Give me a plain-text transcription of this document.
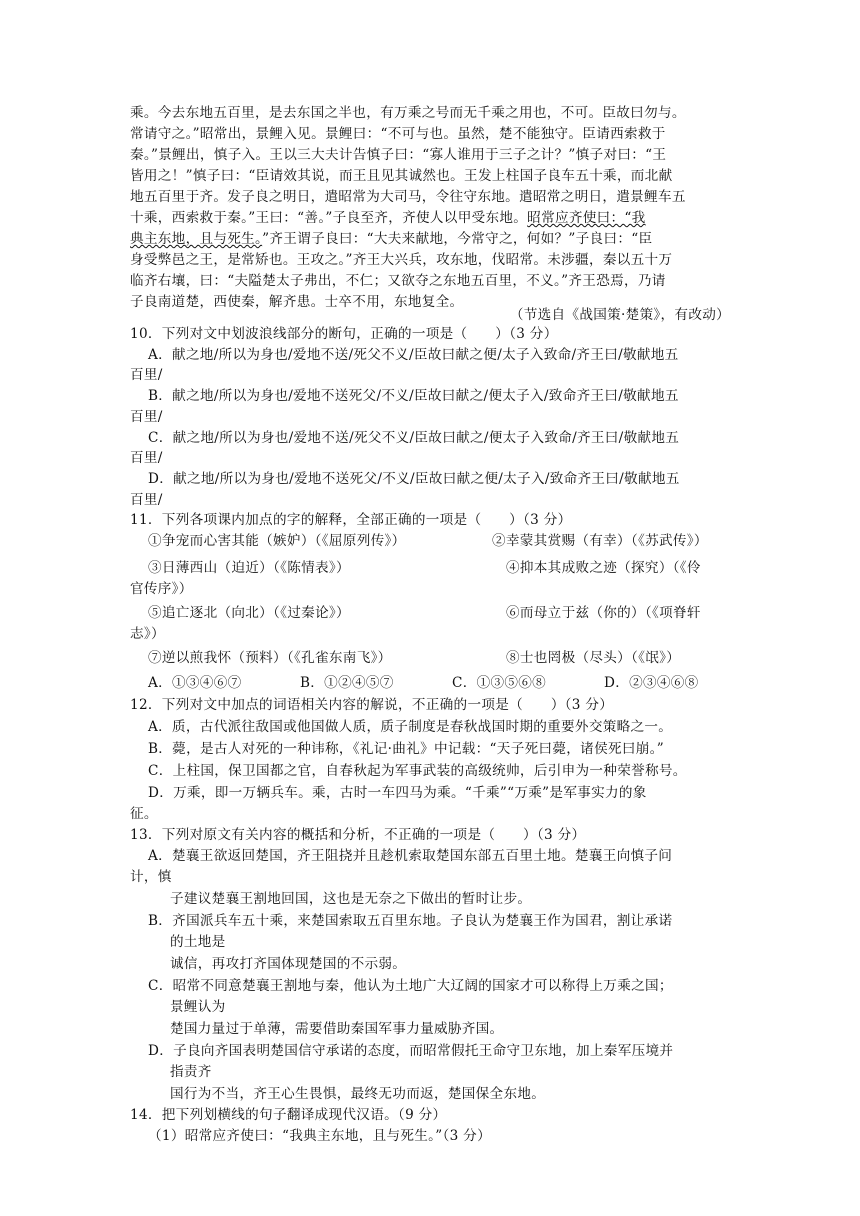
乘。今去东地五百里，是去东国之半也，有万乘之号而无千乘之用也，不可。臣故曰勿与。
常请守之。”昭常出，景鲤入见。景鲤曰：“不可与也。虽然，楚不能独守。臣请西索救于
秦。”景鲤出，慎子入。王以三大夫计告慎子曰：“寡人谁用于三子之计？”慎子对曰：“王
皆用之！”慎子曰：“臣请效其说，而王且见其诚然也。王发上柱国子良车五十乘，而北献
地五百里于齐。发子良之明日，遣昭常为大司马，令往守东地。遣昭常之明日，遣景鲤车五
十乘，西索救于秦。”王曰：“善。”子良至齐，齐使人以甲受东地。昭常应齐使曰：“我
典主东地，且与死生。”齐王谓子良曰：“大夫来献地，今常守之，何如？”子良曰：“臣
身受弊邑之王，是常矫也。王攻之。”齐王大兴兵，攻东地，伐昭常。未涉疆，秦以五十万
临齐右壤，曰：“夫隘楚太子弗出，不仁；又欲夺之东地五百里，不义。”齐王恐焉，乃请
子良南道楚，西使秦，解齐患。士卒不用，东地复全。
（节选自《战国策·楚策》，有改动）
10．下列对文中划波浪线部分的断句，正确的一项是（　　）（3 分）
A．献之地/所以为身也/爱地不送/死父不义/臣故曰献之便/太子入致命/齐王曰/敬献地五
百里/
B．献之地/所以为身也/爱地不送死父/不义/臣故曰献之/便太子入/致命齐王曰/敬献地五
百里/
C．献之地/所以为身也/爱地不送/死父不义/臣故曰献之/便太子入致命/齐王曰/敬献地五
百里/
D．献之地/所以为身也/爱地不送死父/不义/臣故曰献之便/太子入/致命齐王曰/敬献地五
百里/
11．下列各项课内加点的字的解释，全部正确的一项是（　　）（3 分）
①争宠而心害其能（嫉妒）（《屈原列传》）	②幸蒙其赏赐（有幸）（《苏武传》）
③日薄西山（迫近）（《陈情表》）	④抑本其成败之迹（探究）（《伶
官传序》）
⑤追亡逐北（向北）（《过秦论》）	⑥而母立于兹（你的）（《项脊轩
志》）
⑦逆以煎我怀（预料）（《孔雀东南飞》）	⑧士也罔极（尽头）（《氓》）
A．①③④⑥⑦	B．①②④⑤⑦	C．①③⑤⑥⑧	D．②③④⑥⑧
12．下列对文中加点的词语相关内容的解说，不正确的一项是（　　）（3 分）
A．质，古代派往敌国或他国做人质，质子制度是春秋战国时期的重要外交策略之一。
B．薨，是古人对死的一种讳称，《礼记·曲礼》中记载：“天子死曰薨，诸侯死曰崩。”
C．上柱国，保卫国都之官，自春秋起为军事武装的高级统帅，后引申为一种荣誉称号。
D．万乘，即一万辆兵车。乘，古时一车四马为乘。“千乘”“万乘”是军事实力的象
征。
13．下列对原文有关内容的概括和分析，不正确的一项是（　　）（3 分）
A．楚襄王欲返回楚国，齐王阻挠并且趁机索取楚国东部五百里土地。楚襄王向慎子问
计，慎
子建议楚襄王割地回国，这也是无奈之下做出的暂时让步。
B．齐国派兵车五十乘，来楚国索取五百里东地。子良认为楚襄王作为国君，割让承诺
的土地是
诚信，再攻打齐国体现楚国的不示弱。
C．昭常不同意楚襄王割地与秦，他认为土地广大辽阔的国家才可以称得上万乘之国；
景鲤认为
楚国力量过于单薄，需要借助秦国军事力量威胁齐国。
D．子良向齐国表明楚国信守承诺的态度，而昭常假托王命守卫东地，加上秦军压境并
指责齐
国行为不当，齐王心生畏惧，最终无功而返，楚国保全东地。
14．把下列划横线的句子翻译成现代汉语。（9 分）
（1）昭常应齐使曰：“我典主东地，且与死生。”（3 分）
